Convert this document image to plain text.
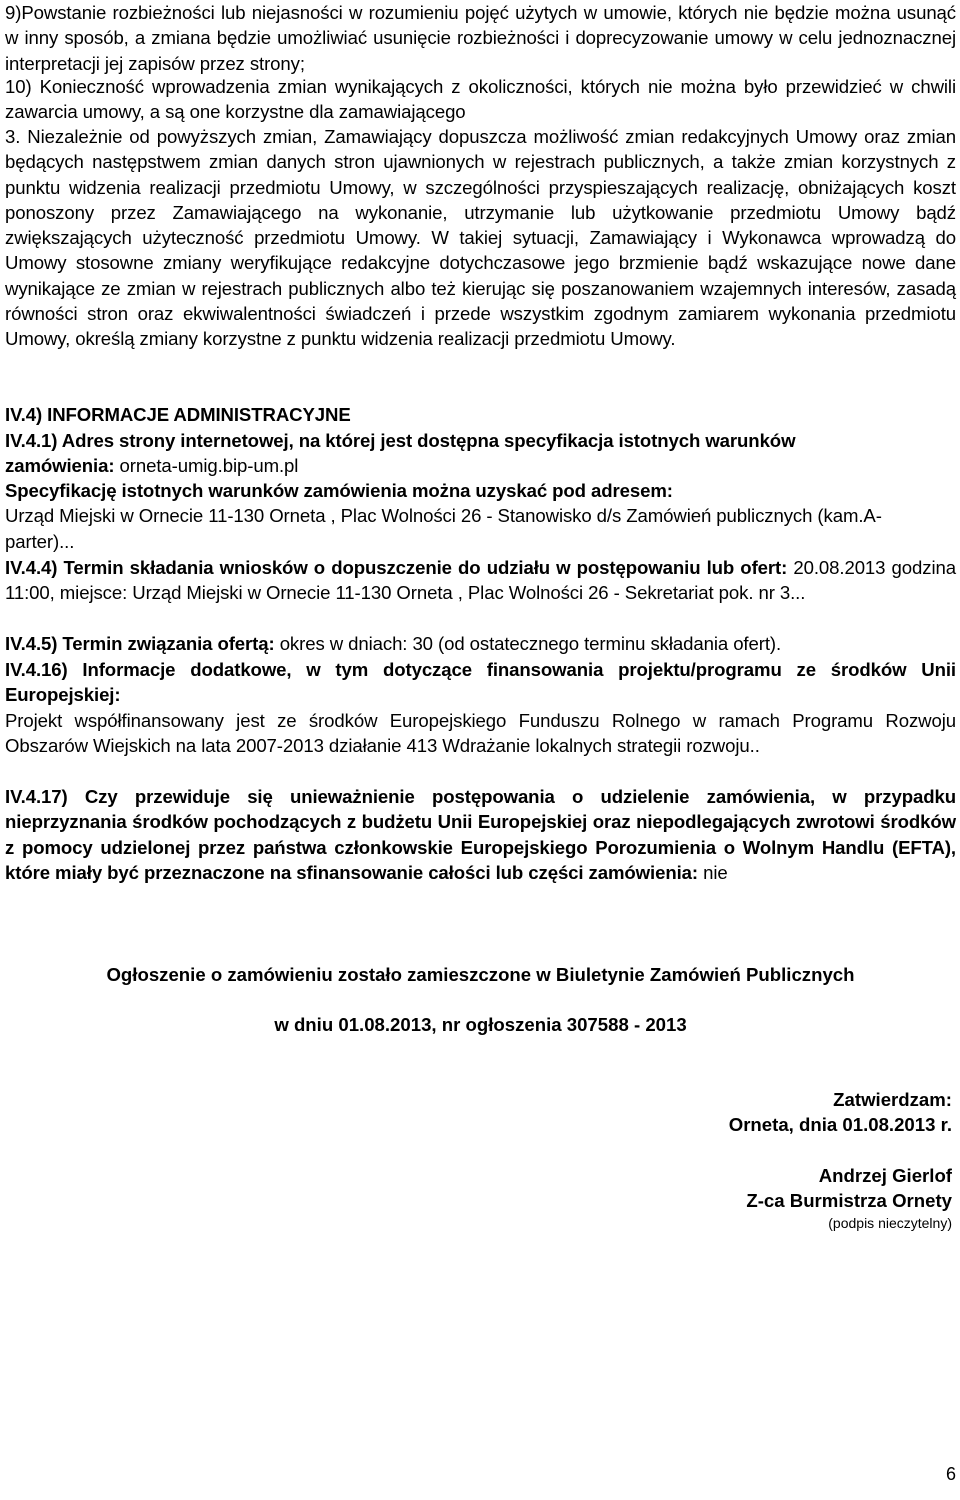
9)Powstanie rozbieżności lub niejasności w rozumieniu pojęć użytych w umowie, których nie będzie można usunąć w inny sposób, a zmiana będzie umożliwiać usunięcie rozbieżności i doprecyzowanie umowy w celu jednoznacznej interpretacji jej zapisów przez strony;

10) Konieczność wprowadzenia zmian wynikających z okoliczności, których nie można było przewidzieć w chwili zawarcia umowy, a są one korzystne dla zamawiającego

3. Niezależnie od powyższych zmian, Zamawiający dopuszcza możliwość zmian redakcyjnych Umowy oraz zmian będących następstwem zmian danych stron ujawnionych w rejestrach publicznych, a także zmian korzystnych z punktu widzenia realizacji przedmiotu Umowy, w szczególności przyspieszających realizację, obniżających koszt ponoszony przez Zamawiającego na wykonanie, utrzymanie lub użytkowanie przedmiotu Umowy bądź zwiększających użyteczność przedmiotu Umowy. W takiej sytuacji, Zamawiający i Wykonawca wprowadzą do Umowy stosowne zmiany weryfikujące redakcyjne dotychczasowe jego brzmienie bądź wskazujące nowe dane wynikające ze zmian w rejestrach publicznych albo też kierując się poszanowaniem wzajemnych interesów, zasadą równości stron oraz ekwiwalentności świadczeń i przede wszystkim zgodnym zamiarem wykonania przedmiotu Umowy, określą zmiany korzystne z punktu widzenia realizacji przedmiotu Umowy.

IV.4) INFORMACJE ADMINISTRACYJNE

IV.4.1) Adres strony internetowej, na której jest dostępna specyfikacja istotnych warunków zamówienia: orneta-umig.bip-um.pl

Specyfikację istotnych warunków zamówienia można uzyskać pod adresem:
Urząd Miejski w Ornecie 11-130 Orneta , Plac Wolności 26 - Stanowisko d/s Zamówień publicznych (kam.A- parter)...

IV.4.4) Termin składania wniosków o dopuszczenie do udziału w postępowaniu lub ofert: 20.08.2013 godzina 11:00, miejsce: Urząd Miejski w Ornecie 11-130 Orneta , Plac Wolności 26 - Sekretariat pok. nr 3...

IV.4.5) Termin związania ofertą: okres w dniach: 30 (od ostatecznego terminu składania ofert).

IV.4.16) Informacje dodatkowe, w tym dotyczące finansowania projektu/programu ze środków Unii Europejskiej:
Projekt współfinansowany jest ze środków Europejskiego Funduszu Rolnego w ramach Programu Rozwoju Obszarów Wiejskich na lata 2007-2013 działanie 413 Wdrażanie lokalnych strategii rozwoju..

IV.4.17) Czy przewiduje się unieważnienie postępowania o udzielenie zamówienia, w przypadku nieprzyznania środków pochodzących z budżetu Unii Europejskiej oraz niepodlegających zwrotowi środków z pomocy udzielonej przez państwa członkowskie Europejskiego Porozumienia o Wolnym Handlu (EFTA), które miały być przeznaczone na sfinansowanie całości lub części zamówienia: nie

Ogłoszenie o zamówieniu zostało zamieszczone w Biuletynie Zamówień Publicznych

w dniu 01.08.2013, nr ogłoszenia 307588 - 2013

Zatwierdzam:
Orneta, dnia 01.08.2013 r.
Andrzej Gierlof
Z-ca Burmistrza Ornety
(podpis nieczytelny)
6
